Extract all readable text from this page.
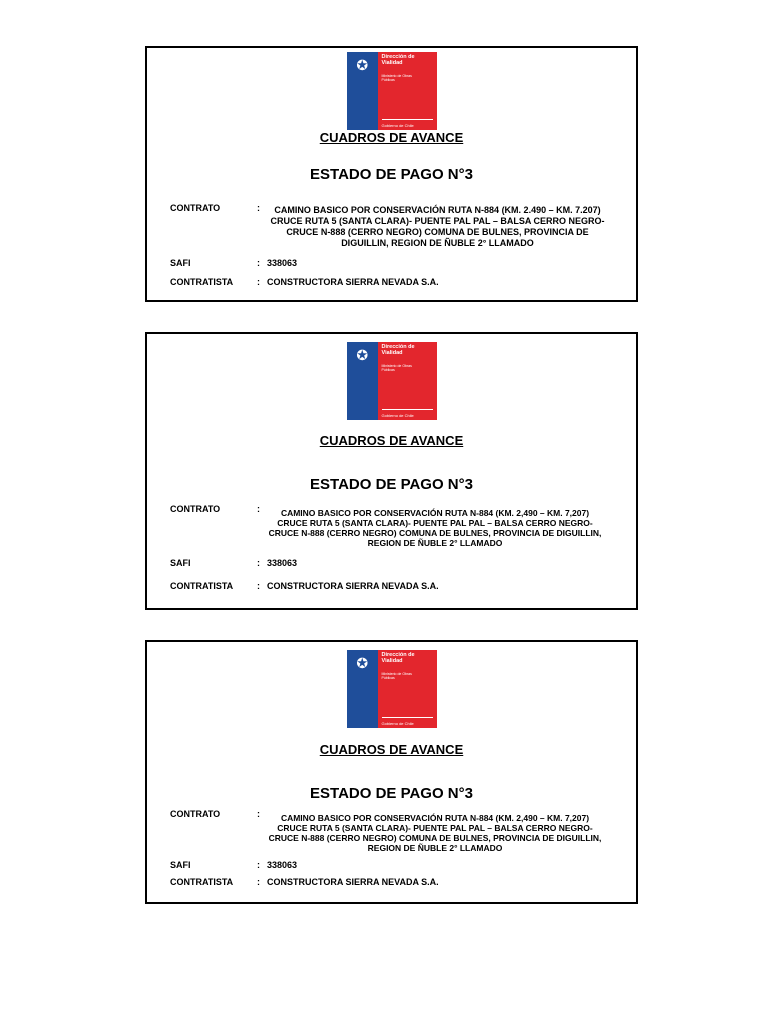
✪
Dirección de Vialidad
Ministerio de Obras Públicas
Gobierno de Chile
CUADROS DE AVANCE
ESTADO DE PAGO N°3
CONTRATO	:	CAMINO BASICO POR CONSERVACIÓN RUTA N-884 (KM. 2.490 – KM. 7.207) CRUCE RUTA 5 (SANTA CLARA)- PUENTE PAL PAL – BALSA CERRO NEGRO- CRUCE N-888 (CERRO NEGRO) COMUNA DE BULNES, PROVINCIA DE DIGUILLIN, REGION DE ÑUBLE 2° LLAMADO
SAFI	: 338063
CONTRATISTA	: CONSTRUCTORA SIERRA NEVADA S.A.
✪
Dirección de Vialidad
Ministerio de Obras Públicas
Gobierno de Chile
CUADROS DE AVANCE
ESTADO DE PAGO N°3
CONTRATO	:	CAMINO BASICO POR CONSERVACIÓN RUTA N-884 (KM. 2,490 – KM. 7,207) CRUCE RUTA 5 (SANTA CLARA)- PUENTE PAL PAL – BALSA CERRO NEGRO- CRUCE N-888 (CERRO NEGRO) COMUNA DE BULNES, PROVINCIA DE DIGUILLIN, REGION DE ÑUBLE 2° LLAMADO
SAFI	: 338063
CONTRATISTA	: CONSTRUCTORA SIERRA NEVADA S.A.
✪
Dirección de Vialidad
Ministerio de Obras Públicas
Gobierno de Chile
CUADROS DE AVANCE
ESTADO DE PAGO N°3
CONTRATO	:	CAMINO BASICO POR CONSERVACIÓN RUTA N-884 (KM. 2,490 – KM. 7,207) CRUCE RUTA 5 (SANTA CLARA)- PUENTE PAL PAL – BALSA CERRO NEGRO- CRUCE N-888 (CERRO NEGRO) COMUNA DE BULNES, PROVINCIA DE DIGUILLIN, REGION DE ÑUBLE 2° LLAMADO
SAFI	: 338063
CONTRATISTA	: CONSTRUCTORA SIERRA NEVADA S.A.
